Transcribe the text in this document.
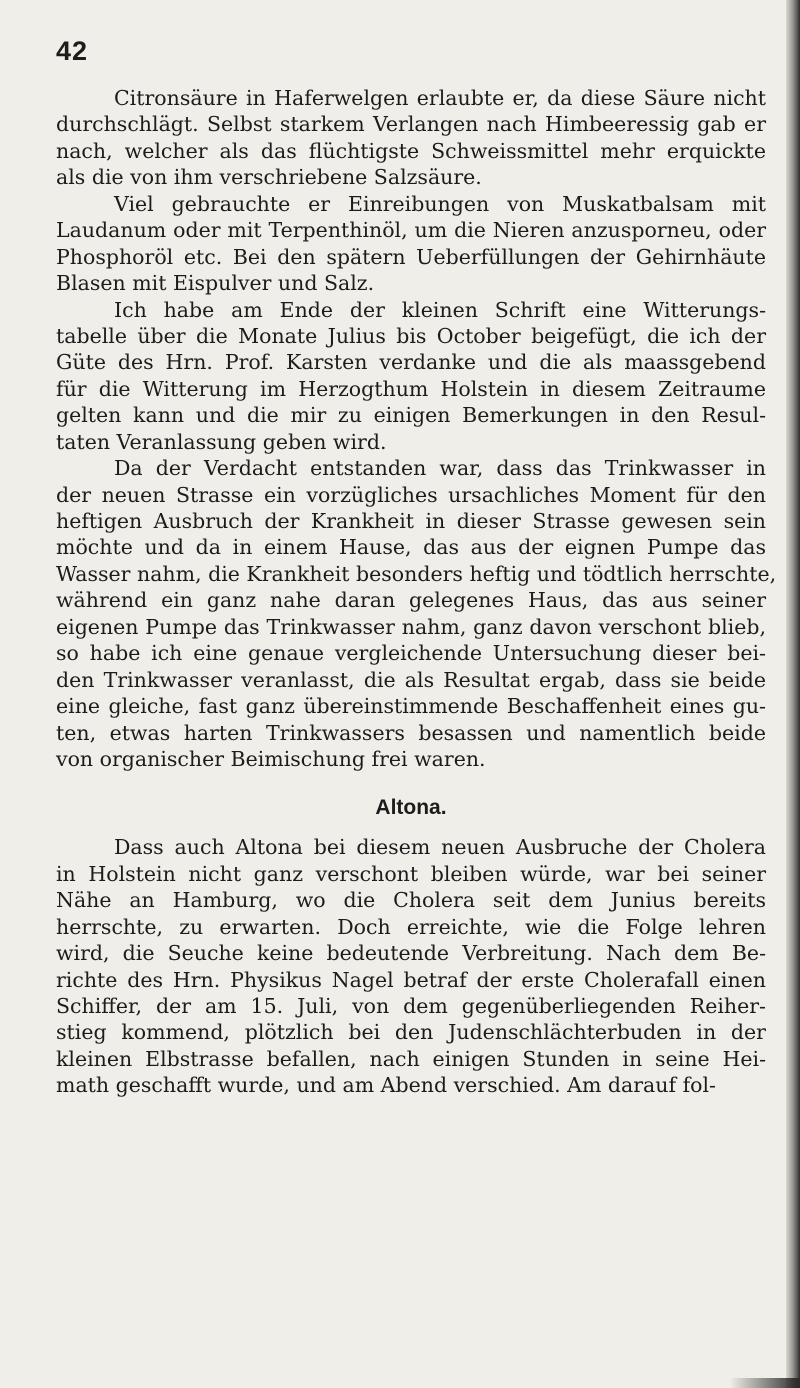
42
Citronsäure in Haferwelgen erlaubte er, da diese Säure nicht
durchschlägt. Selbst starkem Verlangen nach Himbeeressig gab er
nach, welcher als das flüchtigste Schweissmittel mehr erquickte
als die von ihm verschriebene Salzsäure.
Viel gebrauchte er Einreibungen von Muskatbalsam mit
Laudanum oder mit Terpenthinöl, um die Nieren anzusporneu, oder
Phosphoröl etc. Bei den spätern Ueberfüllungen der Gehirnhäute
Blasen mit Eispulver und Salz.
Ich habe am Ende der kleinen Schrift eine Witterungs-
tabelle über die Monate Julius bis October beigefügt, die ich der
Güte des Hrn. Prof. Karsten verdanke und die als maassgebend
für die Witterung im Herzogthum Holstein in diesem Zeitraume
gelten kann und die mir zu einigen Bemerkungen in den Resul-
taten Veranlassung geben wird.
Da der Verdacht entstanden war, dass das Trinkwasser in
der neuen Strasse ein vorzügliches ursachliches Moment für den
heftigen Ausbruch der Krankheit in dieser Strasse gewesen sein
möchte und da in einem Hause, das aus der eignen Pumpe das
Wasser nahm, die Krankheit besonders heftig und tödtlich herrschte,
während ein ganz nahe daran gelegenes Haus, das aus seiner
eigenen Pumpe das Trinkwasser nahm, ganz davon verschont blieb,
so habe ich eine genaue vergleichende Untersuchung dieser bei-
den Trinkwasser veranlasst, die als Resultat ergab, dass sie beide
eine gleiche, fast ganz übereinstimmende Beschaffenheit eines gu-
ten, etwas harten Trinkwassers besassen und namentlich beide
von organischer Beimischung frei waren.
Altona.
Dass auch Altona bei diesem neuen Ausbruche der Cholera
in Holstein nicht ganz verschont bleiben würde, war bei seiner
Nähe an Hamburg, wo die Cholera seit dem Junius bereits
herrschte, zu erwarten. Doch erreichte, wie die Folge lehren
wird, die Seuche keine bedeutende Verbreitung. Nach dem Be-
richte des Hrn. Physikus Nagel betraf der erste Cholerafall einen
Schiffer, der am 15. Juli, von dem gegenüberliegenden Reiher-
stieg kommend, plötzlich bei den Judenschlächterbuden in der
kleinen Elbstrasse befallen, nach einigen Stunden in seine Hei-
math geschafft wurde, und am Abend verschied. Am darauf fol-
